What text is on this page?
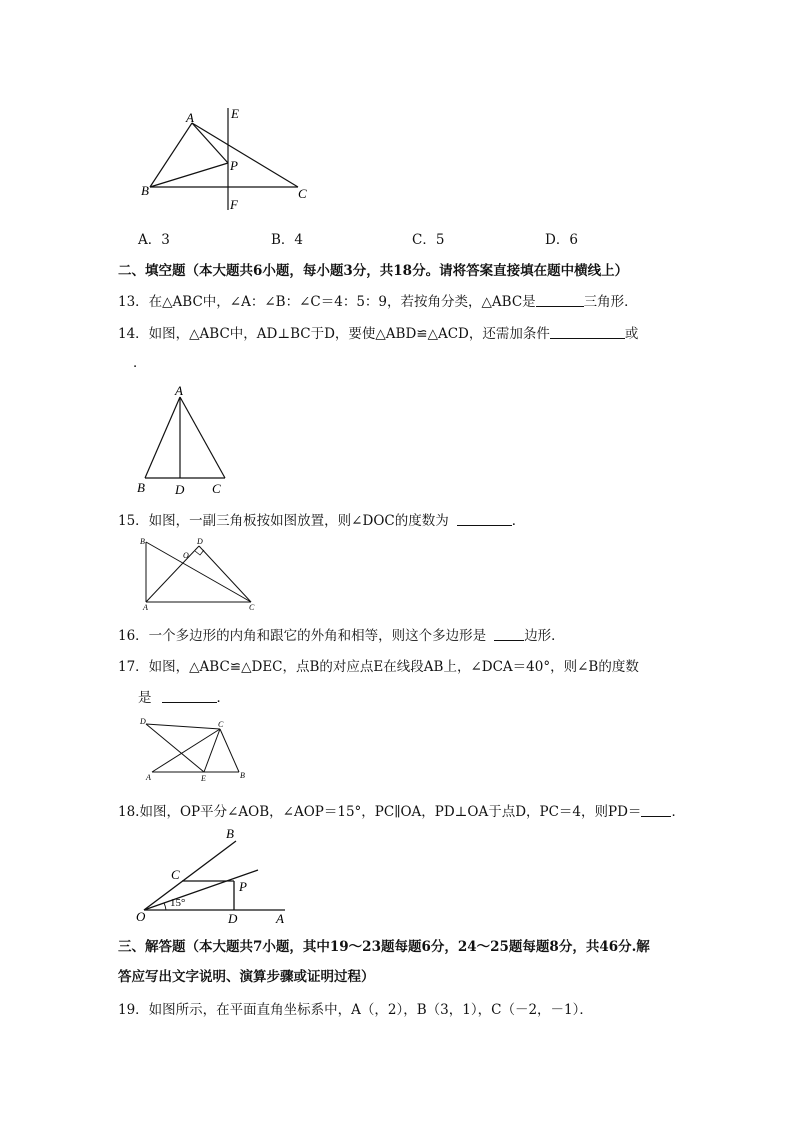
A	E
P
B	C
F
A．3	B．4	C．5	D．6
二、填空题（本大题共6小题，每小题3分，共18分。请将答案直接填在题中横线上）
13．在△ABC中，∠A：∠B：∠C＝4：5：9，若按角分类，△ABC是	三角形．
14．如图，△ABC中，AD⊥BC于D，要使△ABD≌△ACD，还需加条件	或
．
A
B D C
15．如图，一副三角板按如图放置，则∠DOC的度数为	．
B	D
O
A	C
16．一个多边形的内角和跟它的外角和相等，则这个多边形是	边形．
17．如图，△ABC≌△DEC，点B的对应点E在线段AB上，∠DCA＝40°，则∠B的度数
是	．
D	C
A	E	B
18.如图，OP平分∠AOB，∠AOP＝15°，PC∥OA，PD⊥OA于点D，PC＝4，则PD＝ ．
B
C
P
O	D	A
15°
三、解答题（本大题共7小题，其中19～23题每题6分，24～25题每题8分，共46分.解
答应写出文字说明、演算步骤或证明过程）
19．如图所示，在平面直角坐标系中，A（，2），B（3，1），C（－2，－1）．
